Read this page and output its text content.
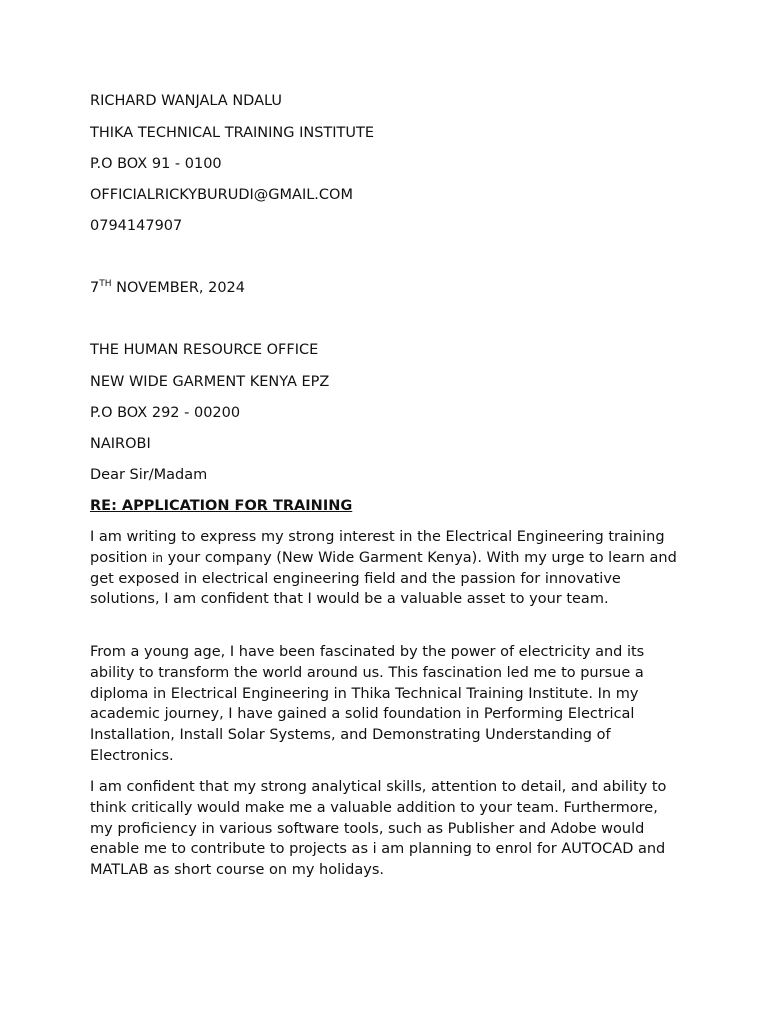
RICHARD WANJALA NDALU
THIKA TECHNICAL TRAINING INSTITUTE
P.O BOX 91 - 0100
OFFICIALRICKYBURUDI@GMAIL.COM
0794147907
7TH NOVEMBER, 2024
THE HUMAN RESOURCE OFFICE
NEW WIDE GARMENT KENYA EPZ
P.O BOX 292 - 00200
NAIROBI
Dear Sir/Madam
RE: APPLICATION FOR TRAINING

I am writing to express my strong interest in the Electrical Engineering training position in your company (New Wide Garment Kenya). With my urge to learn and get exposed in electrical engineering field and the passion for innovative solutions, I am confident that I would be a valuable asset to your team.

From a young age, I have been fascinated by the power of electricity and its ability to transform the world around us. This fascination led me to pursue a diploma in Electrical Engineering in Thika Technical Training Institute. In my academic journey, I have gained a solid foundation in Performing Electrical Installation, Install Solar Systems, and Demonstrating Understanding of Electronics.

I am confident that my strong analytical skills, attention to detail, and ability to think critically would make me a valuable addition to your team. Furthermore, my proficiency in various software tools, such as Publisher and Adobe would enable me to contribute to projects as i am planning to enrol for AUTOCAD and MATLAB as short course on my holidays.
